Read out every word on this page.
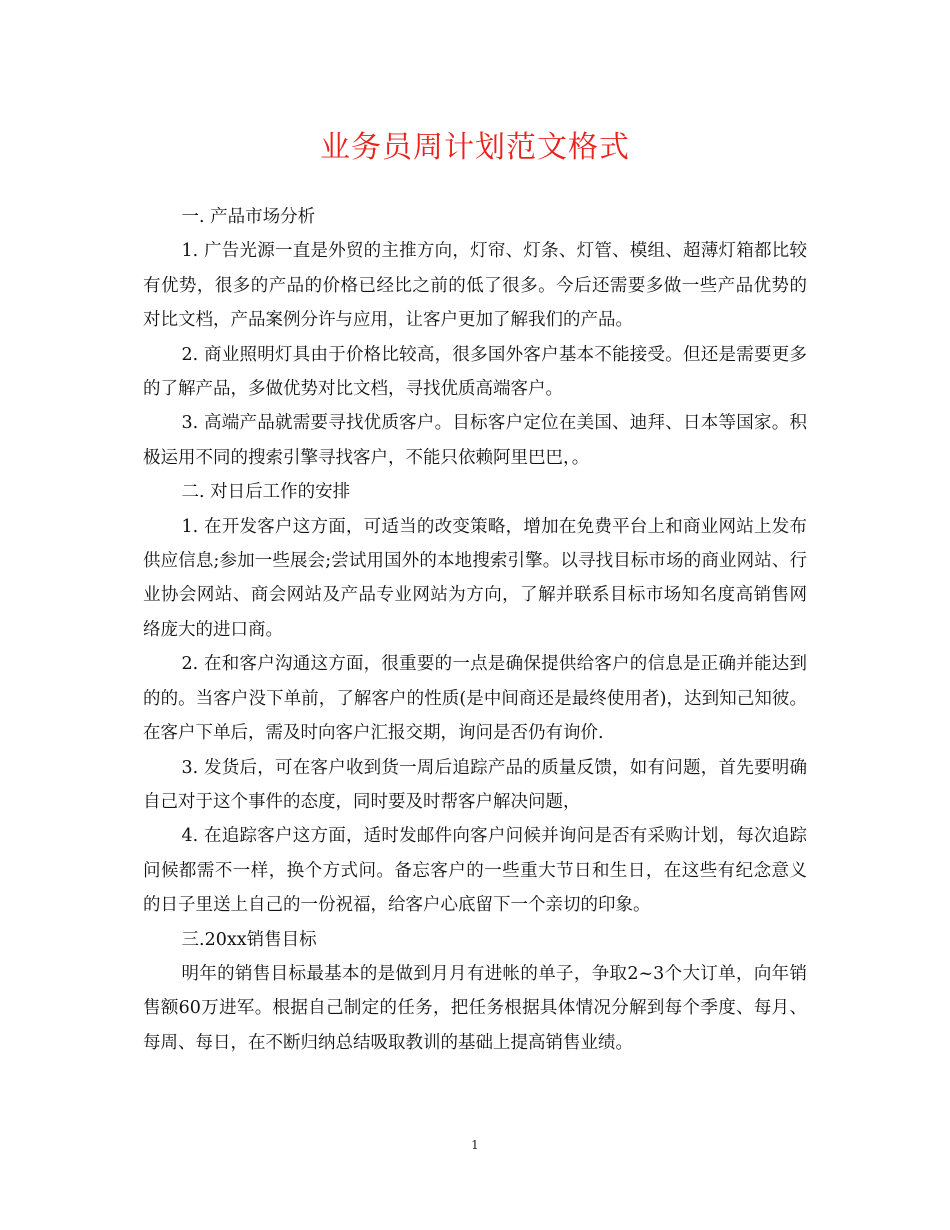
业务员周计划范文格式

一. 产品市场分析

1. 广告光源一直是外贸的主推方向，灯帘、灯条、灯管、模组、超薄灯箱都比较有优势，很多的产品的价格已经比之前的低了很多。今后还需要多做一些产品优势的对比文档，产品案例分许与应用，让客户更加了解我们的产品。

2. 商业照明灯具由于价格比较高，很多国外客户基本不能接受。但还是需要更多的了解产品，多做优势对比文档，寻找优质高端客户。

3. 高端产品就需要寻找优质客户。目标客户定位在美国、迪拜、日本等国家。积极运用不同的搜索引擎寻找客户，不能只依赖阿里巴巴，。

二. 对日后工作的安排

1. 在开发客户这方面，可适当的改变策略，增加在免费平台上和商业网站上发布供应信息;参加一些展会;尝试用国外的本地搜索引擎。以寻找目标市场的商业网站、行业协会网站、商会网站及产品专业网站为方向，了解并联系目标市场知名度高销售网络庞大的进口商。

2. 在和客户沟通这方面，很重要的一点是确保提供给客户的信息是正确并能达到的的。当客户没下单前，了解客户的性质(是中间商还是最终使用者)，达到知己知彼。在客户下单后，需及时向客户汇报交期，询问是否仍有询价.

3. 发货后，可在客户收到货一周后追踪产品的质量反馈，如有问题，首先要明确自己对于这个事件的态度，同时要及时帮客户解决问题，

4. 在追踪客户这方面，适时发邮件向客户问候并询问是否有采购计划，每次追踪问候都需不一样，换个方式问。备忘客户的一些重大节日和生日，在这些有纪念意义的日子里送上自己的一份祝福，给客户心底留下一个亲切的印象。

三.20xx销售目标

明年的销售目标最基本的是做到月月有进帐的单子，争取2~3个大订单，向年销售额60万进军。根据自己制定的任务，把任务根据具体情况分解到每个季度、每月、每周、每日，在不断归纳总结吸取教训的基础上提高销售业绩。

1
